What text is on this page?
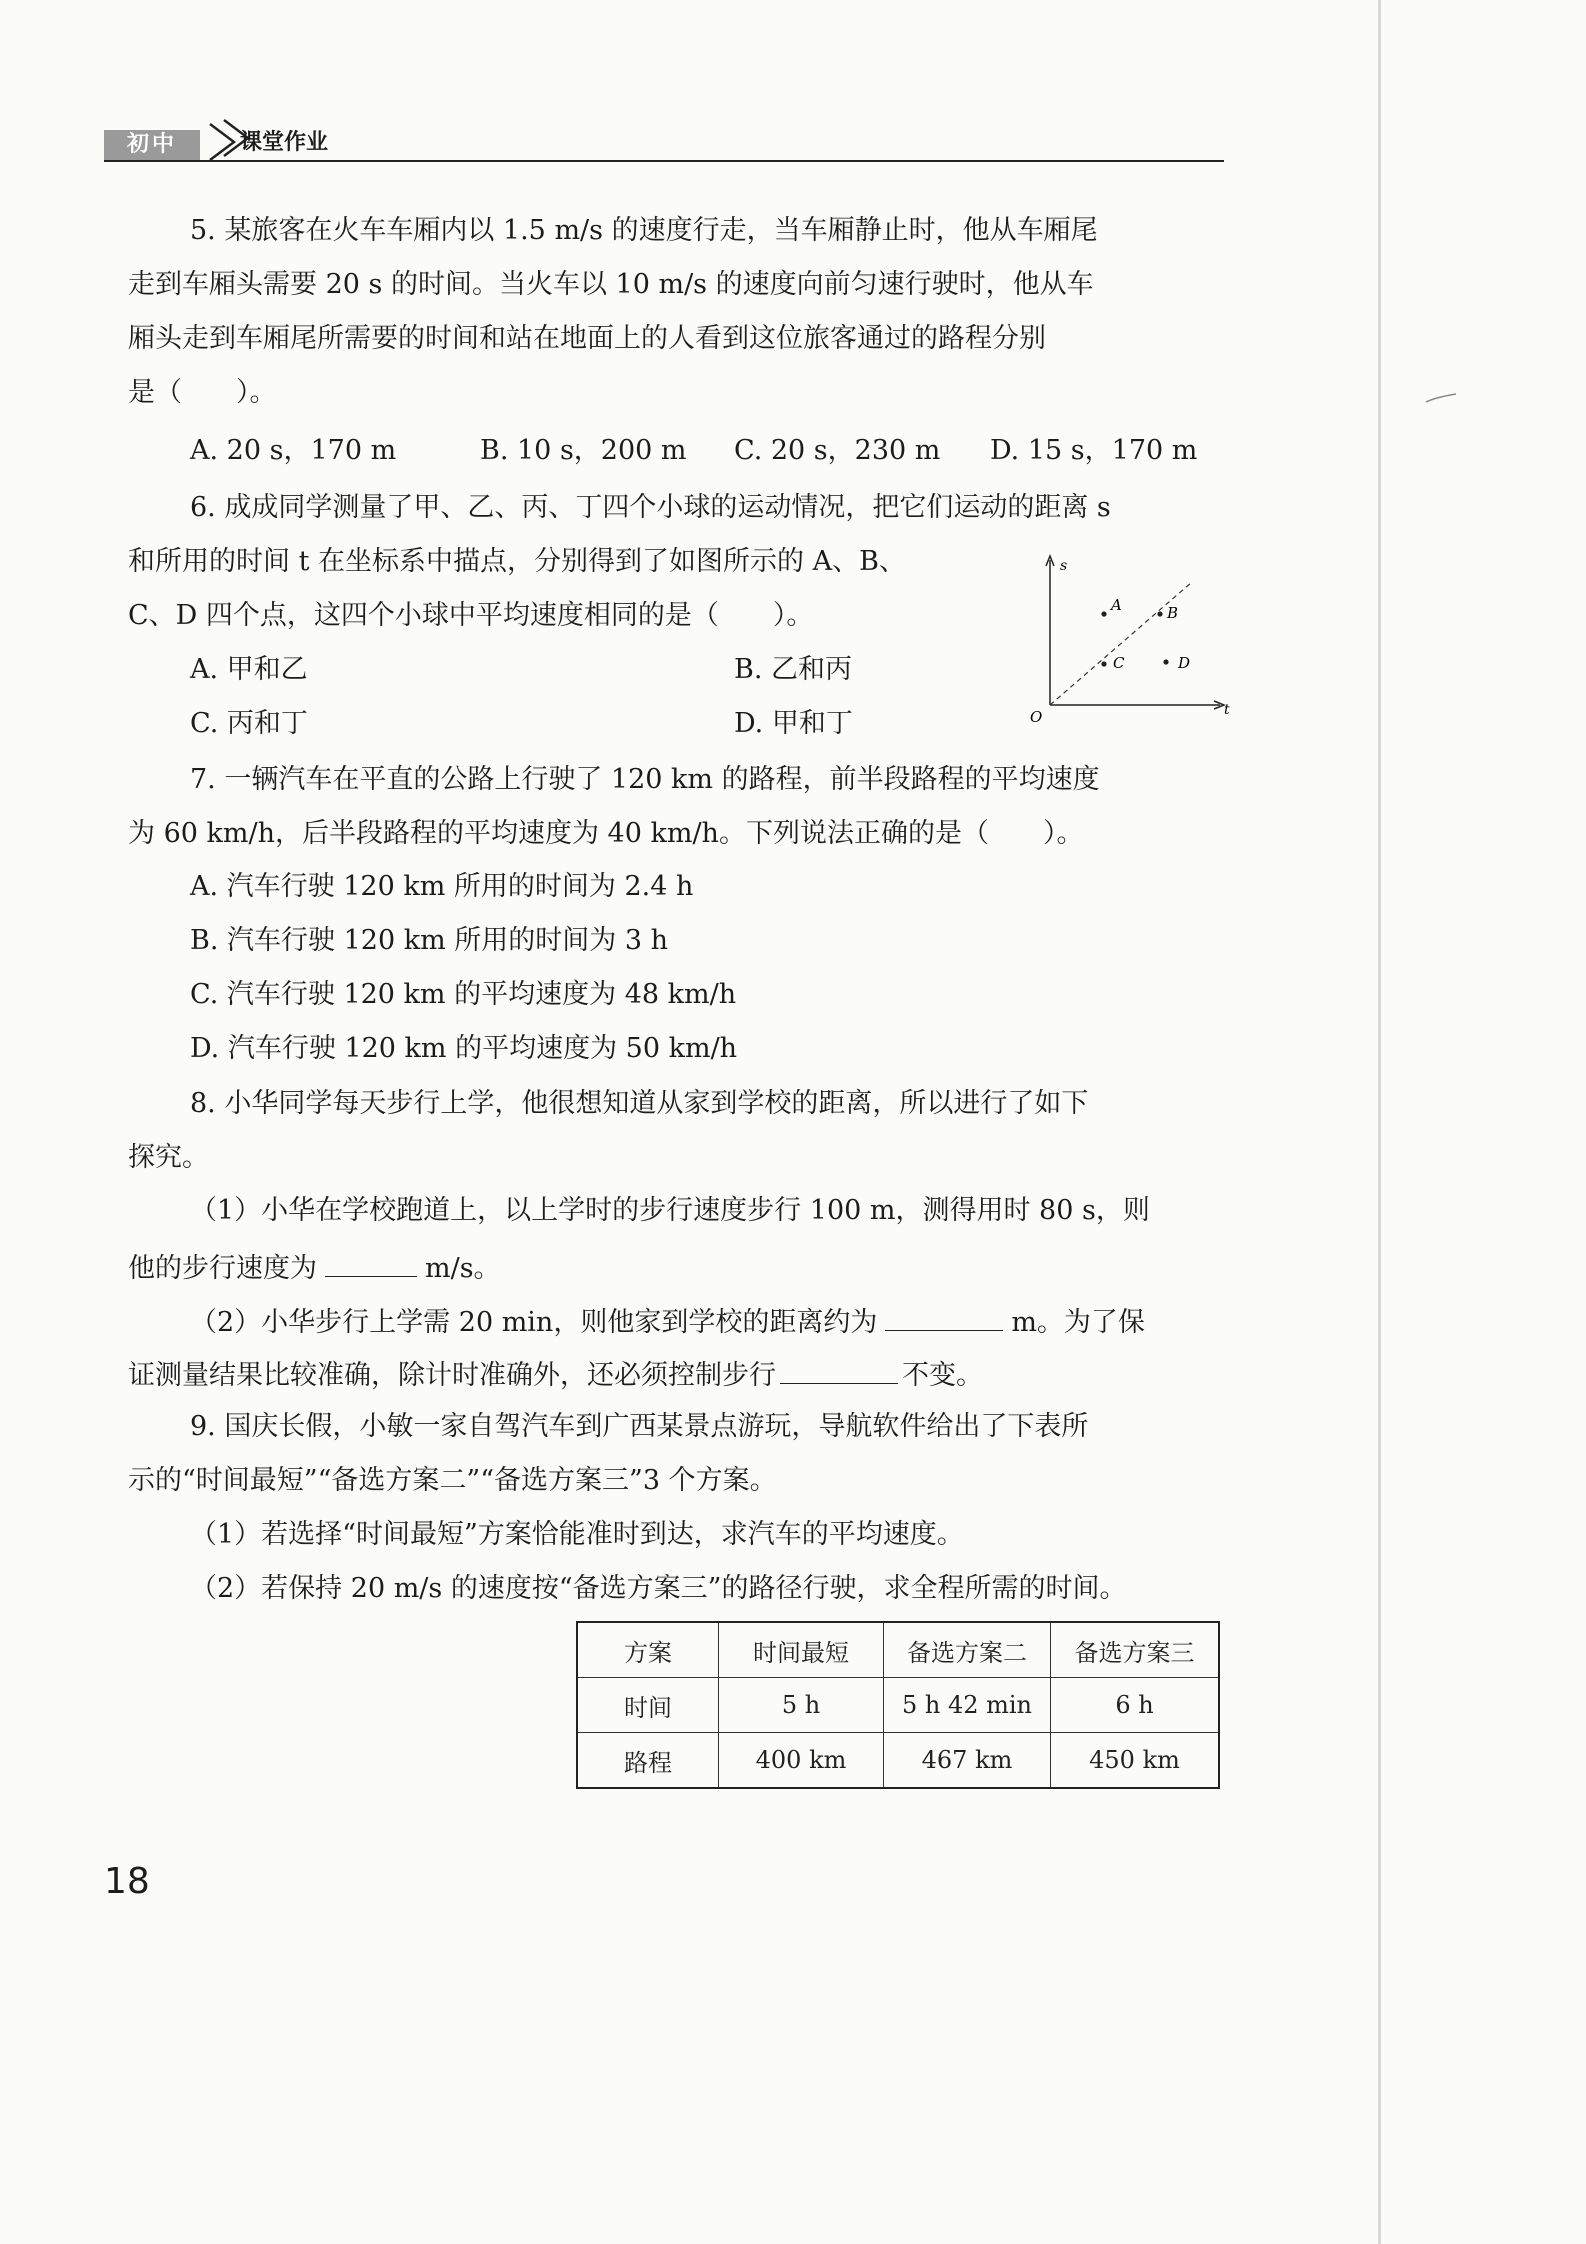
初中	课堂作业
5. 某旅客在火车车厢内以 1.5 m/s 的速度行走，当车厢静止时，他从车厢尾
走到车厢头需要 20 s 的时间。当火车以 10 m/s 的速度向前匀速行驶时，他从车
厢头走到车厢尾所需要的时间和站在地面上的人看到这位旅客通过的路程分别
是（　　）。
A. 20 s，170 m	B. 10 s，200 m C. 20 s，230 m D. 15 s，170 m
6. 成成同学测量了甲、乙、丙、丁四个小球的运动情况，把它们运动的距离 s
和所用的时间 t 在坐标系中描点，分别得到了如图所示的 A、B、
C、D 四个点，这四个小球中平均速度相同的是（　　）。
A. 甲和乙	B. 乙和丙
C. 丙和丁	D. 甲和丁
s
t
O
A	B
C	D
7. 一辆汽车在平直的公路上行驶了 120 km 的路程，前半段路程的平均速度
为 60 km/h，后半段路程的平均速度为 40 km/h。下列说法正确的是（　　）。
A. 汽车行驶 120 km 所用的时间为 2.4 h
B. 汽车行驶 120 km 所用的时间为 3 h
C. 汽车行驶 120 km 的平均速度为 48 km/h
D. 汽车行驶 120 km 的平均速度为 50 km/h
8. 小华同学每天步行上学，他很想知道从家到学校的距离，所以进行了如下
探究。
（1）小华在学校跑道上，以上学时的步行速度步行 100 m，测得用时 80 s，则
他的步行速度为	m/s。
（2）小华步行上学需 20 min，则他家到学校的距离约为	m。为了保
证测量结果比较准确，除计时准确外，还必须控制步行	不变。
9. 国庆长假，小敏一家自驾汽车到广西某景点游玩，导航软件给出了下表所
示的“时间最短”“备选方案二”“备选方案三”3 个方案。
（1）若选择“时间最短”方案恰能准时到达，求汽车的平均速度。
（2）若保持 20 m/s 的速度按“备选方案三”的路径行驶，求全程所需的时间。
方案	时间最短	备选方案二	备选方案三
时间	5 h	5 h 42 min	6 h
路程	400 km	467 km	450 km
18
